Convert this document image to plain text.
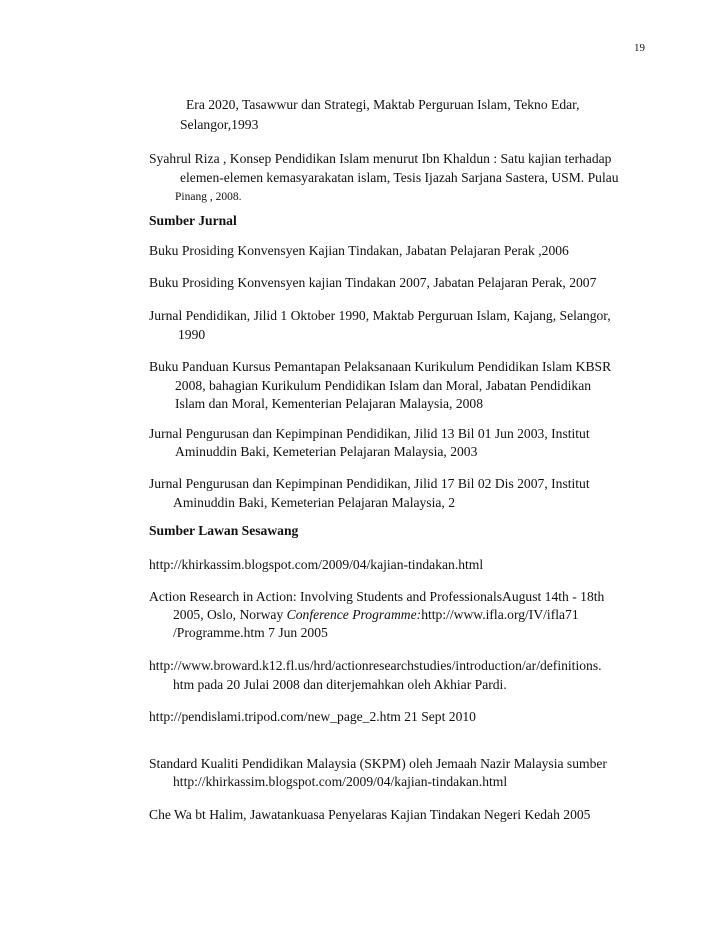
19
Era 2020, Tasawwur dan Strategi, Maktab Perguruan Islam, Tekno Edar,
Selangor,1993
Syahrul Riza , Konsep Pendidikan Islam menurut Ibn Khaldun : Satu kajian terhadap
elemen-elemen kemasyarakatan islam, Tesis Ijazah Sarjana Sastera, USM. Pulau
Pinang , 2008.
Sumber Jurnal
Buku Prosiding Konvensyen Kajian Tindakan, Jabatan Pelajaran Perak ,2006
Buku Prosiding Konvensyen kajian Tindakan 2007, Jabatan Pelajaran Perak, 2007
Jurnal Pendidikan, Jilid 1 Oktober 1990, Maktab Perguruan Islam, Kajang, Selangor,
1990
Buku Panduan Kursus Pemantapan Pelaksanaan Kurikulum Pendidikan Islam KBSR
2008, bahagian Kurikulum Pendidikan Islam dan Moral, Jabatan Pendidikan
Islam dan Moral, Kementerian Pelajaran Malaysia, 2008
Jurnal Pengurusan dan Kepimpinan Pendidikan, Jilid 13 Bil 01 Jun 2003, Institut
Aminuddin Baki, Kemeterian Pelajaran Malaysia, 2003
Jurnal Pengurusan dan Kepimpinan Pendidikan, Jilid 17 Bil 02 Dis 2007, Institut
Aminuddin Baki, Kemeterian Pelajaran Malaysia, 2
Sumber Lawan Sesawang
http://khirkassim.blogspot.com/2009/04/kajian-tindakan.html
Action Research in Action: Involving Students and ProfessionalsAugust 14th - 18th
2005, Oslo, Norway Conference Programme:http://www.ifla.org/IV/ifla71
/Programme.htm 7 Jun 2005
http://www.broward.k12.fl.us/hrd/actionresearchstudies/introduction/ar/definitions.
htm pada 20 Julai 2008 dan diterjemahkan oleh Akhiar Pardi.
http://pendislami.tripod.com/new_page_2.htm 21 Sept 2010
Standard Kualiti Pendidikan Malaysia (SKPM) oleh Jemaah Nazir Malaysia sumber
http://khirkassim.blogspot.com/2009/04/kajian-tindakan.html
Che Wa bt Halim, Jawatankuasa Penyelaras Kajian Tindakan Negeri Kedah 2005
